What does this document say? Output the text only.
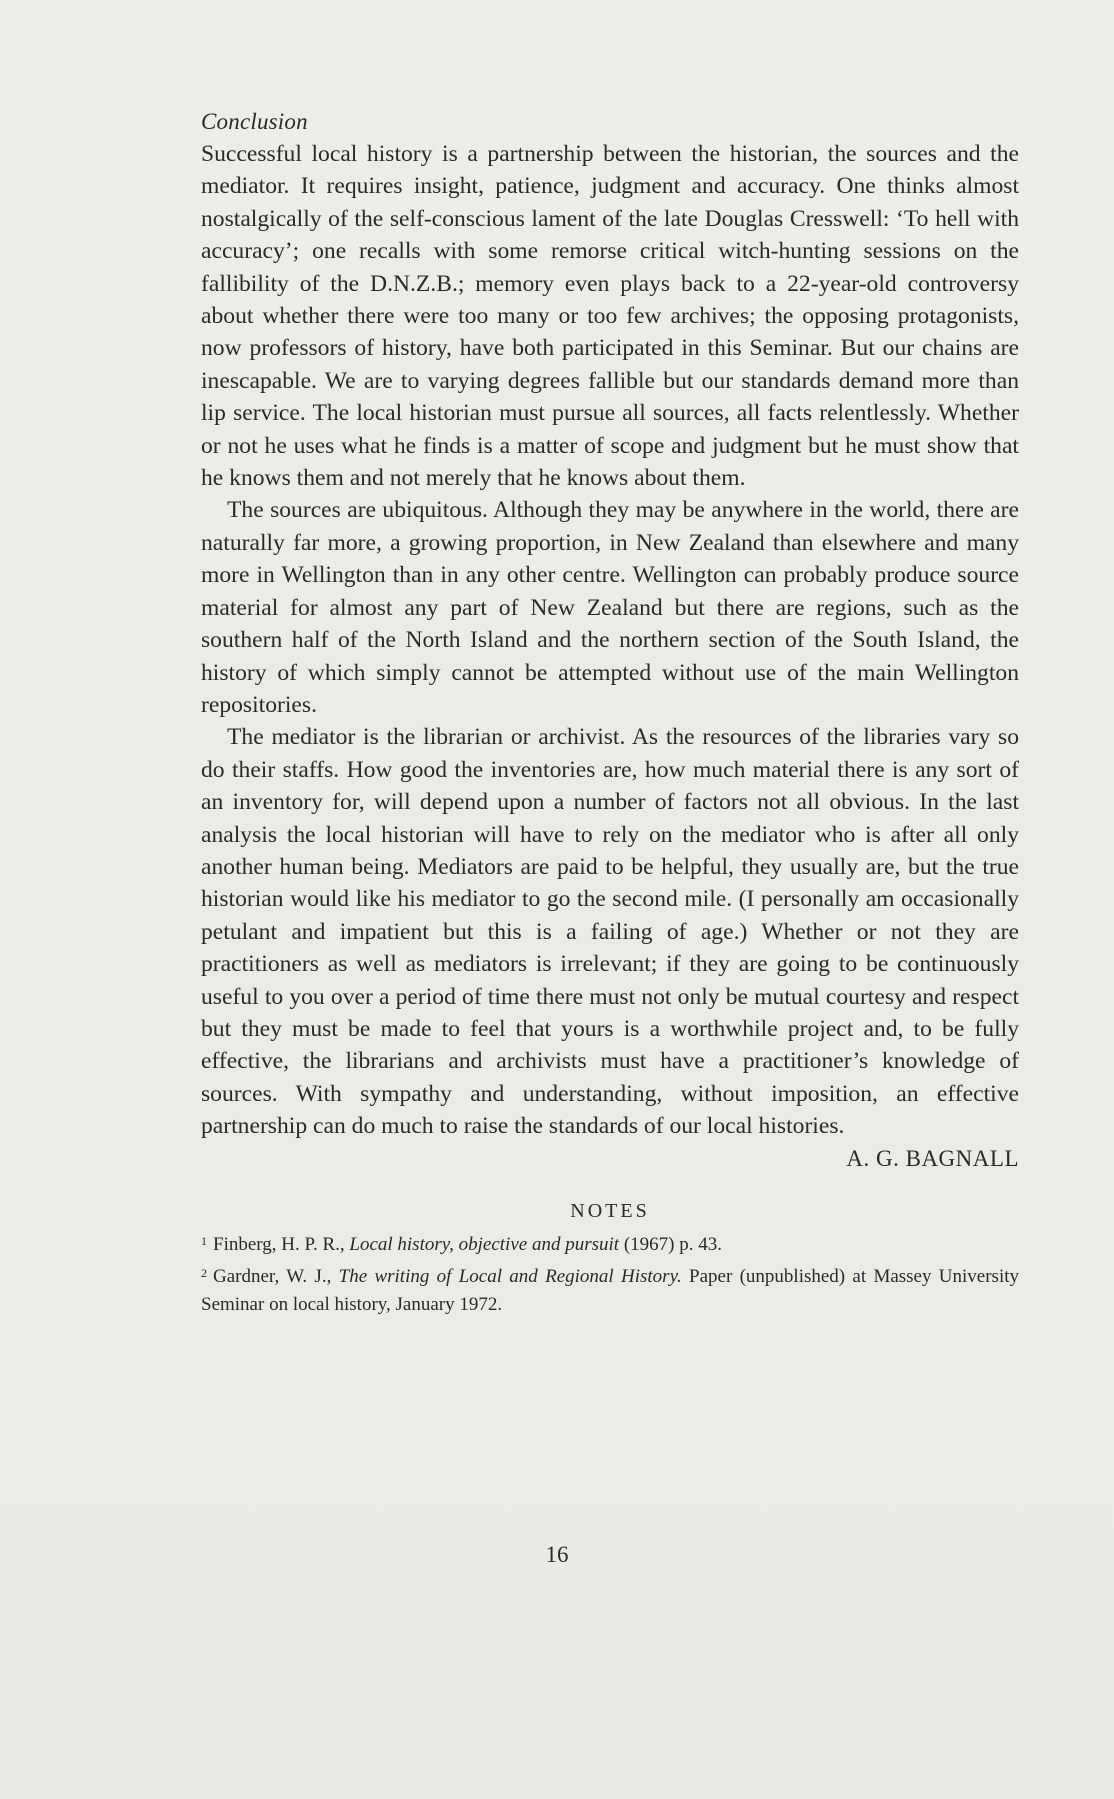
Conclusion

Successful local history is a partnership between the historian, the sources and the mediator. It requires insight, patience, judgment and accuracy. One thinks almost nostalgically of the self-conscious lament of the late Douglas Cresswell: ‘To hell with accuracy’; one recalls with some remorse critical witch-hunting sessions on the fallibility of the D.N.Z.B.; memory even plays back to a 22-year-old controversy about whether there were too many or too few archives; the opposing protagonists, now professors of history, have both participated in this Seminar. But our chains are inescapable. We are to varying degrees fallible but our standards demand more than lip service. The local historian must pursue all sources, all facts relentlessly. Whether or not he uses what he finds is a matter of scope and judgment but he must show that he knows them and not merely that he knows about them.

The sources are ubiquitous. Although they may be anywhere in the world, there are naturally far more, a growing proportion, in New Zealand than elsewhere and many more in Wellington than in any other centre. Wellington can probably produce source material for almost any part of New Zealand but there are regions, such as the southern half of the North Island and the northern section of the South Island, the history of which simply cannot be attempted without use of the main Wellington repositories.

The mediator is the librarian or archivist. As the resources of the libraries vary so do their staffs. How good the inventories are, how much material there is any sort of an inventory for, will depend upon a number of factors not all obvious. In the last analysis the local historian will have to rely on the mediator who is after all only another human being. Mediators are paid to be helpful, they usually are, but the true historian would like his mediator to go the second mile. (I personally am occasionally petulant and impatient but this is a failing of age.) Whether or not they are practitioners as well as mediators is irrelevant; if they are going to be continuously useful to you over a period of time there must not only be mutual courtesy and respect but they must be made to feel that yours is a worthwhile project and, to be fully effective, the librarians and archivists must have a practitioner’s knowledge of sources. With sympathy and understanding, without imposition, an effective partnership can do much to raise the standards of our local histories.

A. G. BAGNALL

NOTES

$^1$ Finberg, H. P. R., Local history, objective and pursuit (1967) p. 43.

$^2$ Gardner, W. J., The writing of Local and Regional History. Paper (unpublished) at Massey University Seminar on local history, January 1972.

16
